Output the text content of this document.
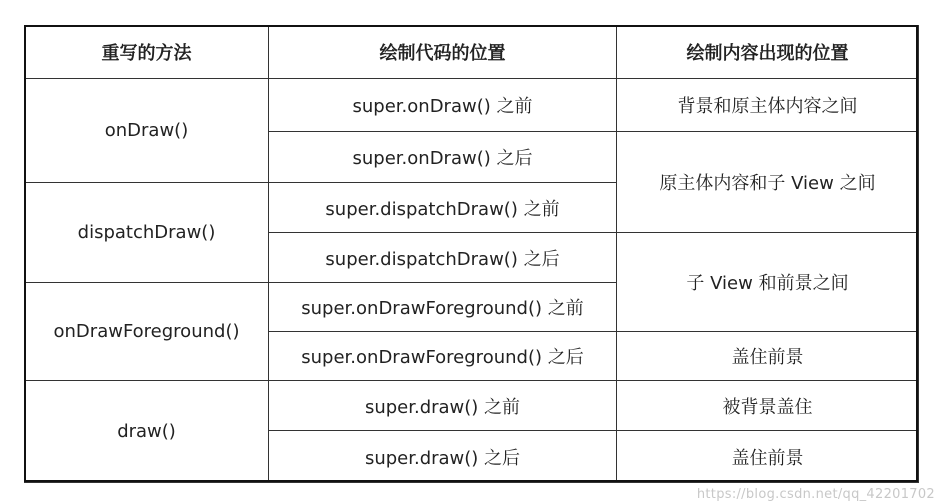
重写的方法	绘制代码的位置	绘制内容出现的位置
onDraw()	super.onDraw() 之前	背景和原主体内容之间
	super.onDraw() 之后	原主体内容和子 View 之间
dispatchDraw()	super.dispatchDraw() 之前	
	super.dispatchDraw() 之后	子 View 和前景之间
onDrawForeground()	super.onDrawForeground() 之前	
	super.onDrawForeground() 之后	盖住前景
draw()	super.draw() 之前	被背景盖住
	super.draw() 之后	盖住前景
https://blog.csdn.net/qq_42201702
